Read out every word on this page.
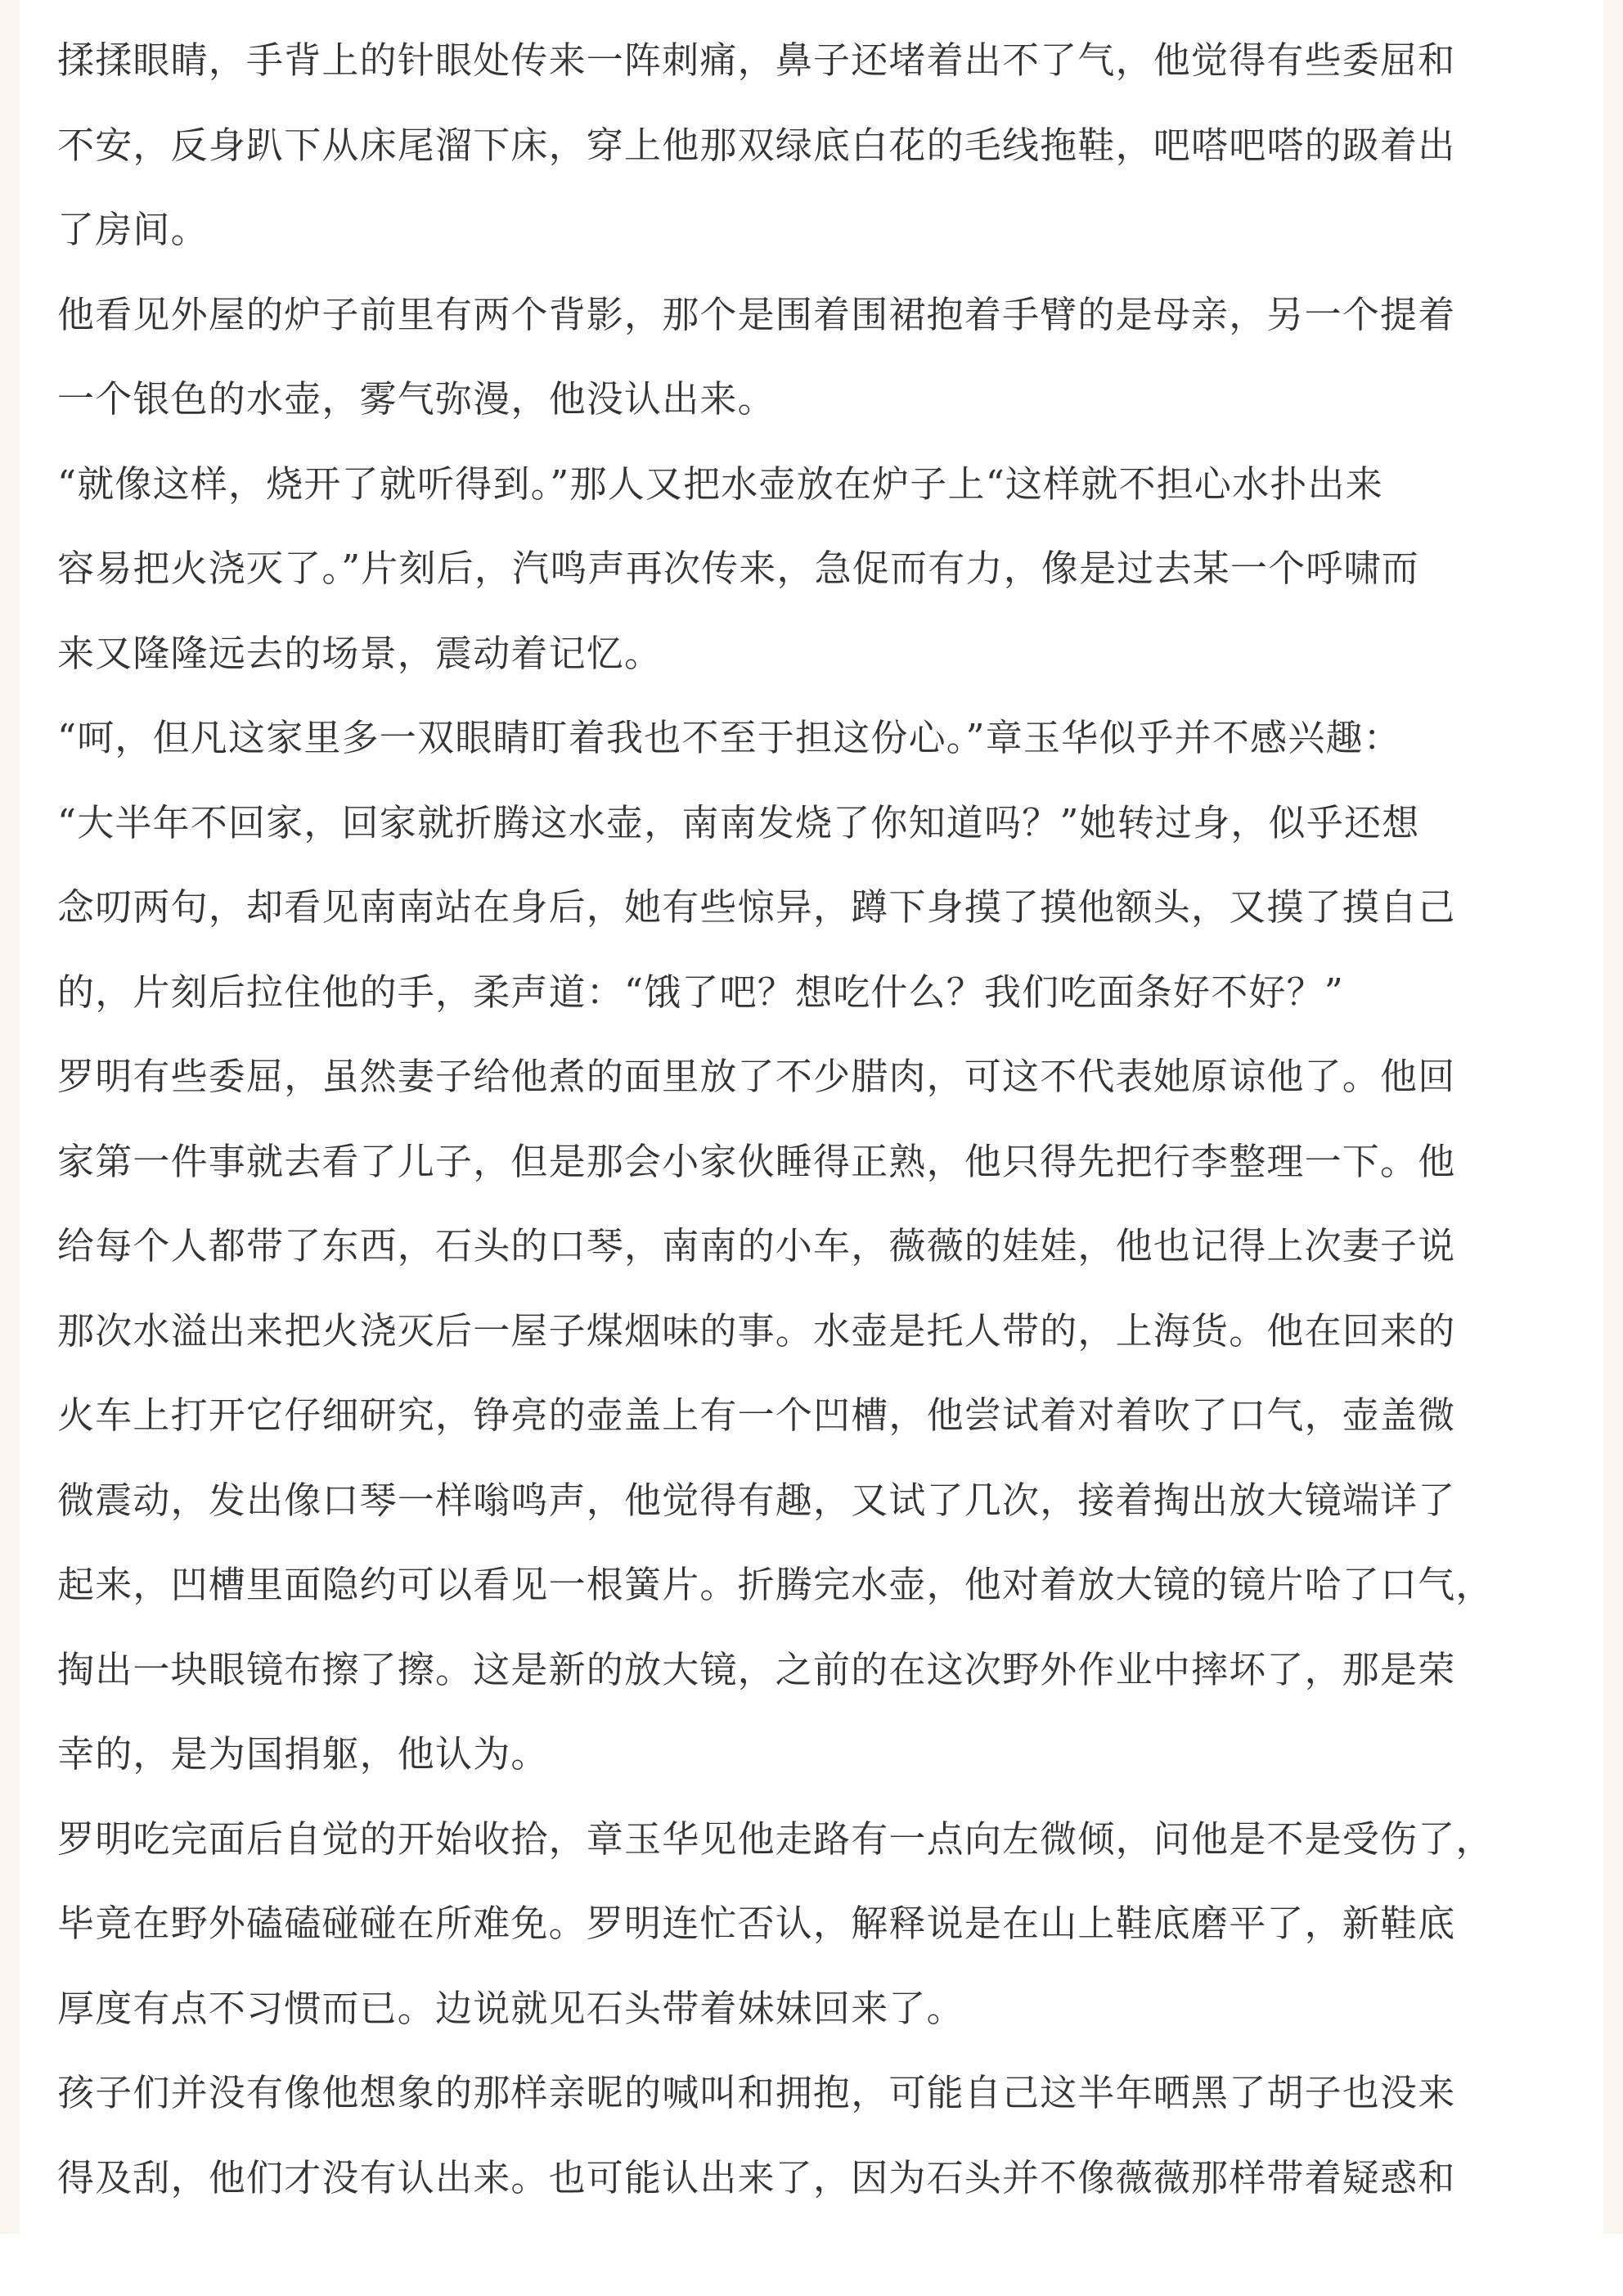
揉揉眼睛，手背上的针眼处传来一阵刺痛，鼻子还堵着出不了气，他觉得有些委屈和
不安，反身趴下从床尾溜下床，穿上他那双绿底白花的毛线拖鞋，吧嗒吧嗒的趿着出
了房间。
他看见外屋的炉子前里有两个背影，那个是围着围裙抱着手臂的是母亲，另一个提着
一个银色的水壶，雾气弥漫，他没认出来。
“就像这样，烧开了就听得到。”那人又把水壶放在炉子上“这样就不担心水扑出来
容易把火浇灭了。”片刻后，汽鸣声再次传来，急促而有力，像是过去某一个呼啸而
来又隆隆远去的场景，震动着记忆。
“呵，但凡这家里多一双眼睛盯着我也不至于担这份心。”章玉华似乎并不感兴趣：
“大半年不回家，回家就折腾这水壶，南南发烧了你知道吗？”她转过身，似乎还想
念叨两句，却看见南南站在身后，她有些惊异，蹲下身摸了摸他额头，又摸了摸自己
的，片刻后拉住他的手，柔声道：“饿了吧？想吃什么？我们吃面条好不好？”
罗明有些委屈，虽然妻子给他煮的面里放了不少腊肉，可这不代表她原谅他了。他回
家第一件事就去看了儿子，但是那会小家伙睡得正熟，他只得先把行李整理一下。他
给每个人都带了东西，石头的口琴，南南的小车，薇薇的娃娃，他也记得上次妻子说
那次水溢出来把火浇灭后一屋子煤烟味的事。水壶是托人带的，上海货。他在回来的
火车上打开它仔细研究，铮亮的壶盖上有一个凹槽，他尝试着对着吹了口气，壶盖微
微震动，发出像口琴一样嗡鸣声，他觉得有趣，又试了几次，接着掏出放大镜端详了
起来，凹槽里面隐约可以看见一根簧片。折腾完水壶，他对着放大镜的镜片哈了口气，
掏出一块眼镜布擦了擦。这是新的放大镜，之前的在这次野外作业中摔坏了，那是荣
幸的，是为国捐躯，他认为。
罗明吃完面后自觉的开始收拾，章玉华见他走路有一点向左微倾，问他是不是受伤了，
毕竟在野外磕磕碰碰在所难免。罗明连忙否认，解释说是在山上鞋底磨平了，新鞋底
厚度有点不习惯而已。边说就见石头带着妹妹回来了。
孩子们并没有像他想象的那样亲昵的喊叫和拥抱，可能自己这半年晒黑了胡子也没来
得及刮，他们才没有认出来。也可能认出来了，因为石头并不像薇薇那样带着疑惑和
